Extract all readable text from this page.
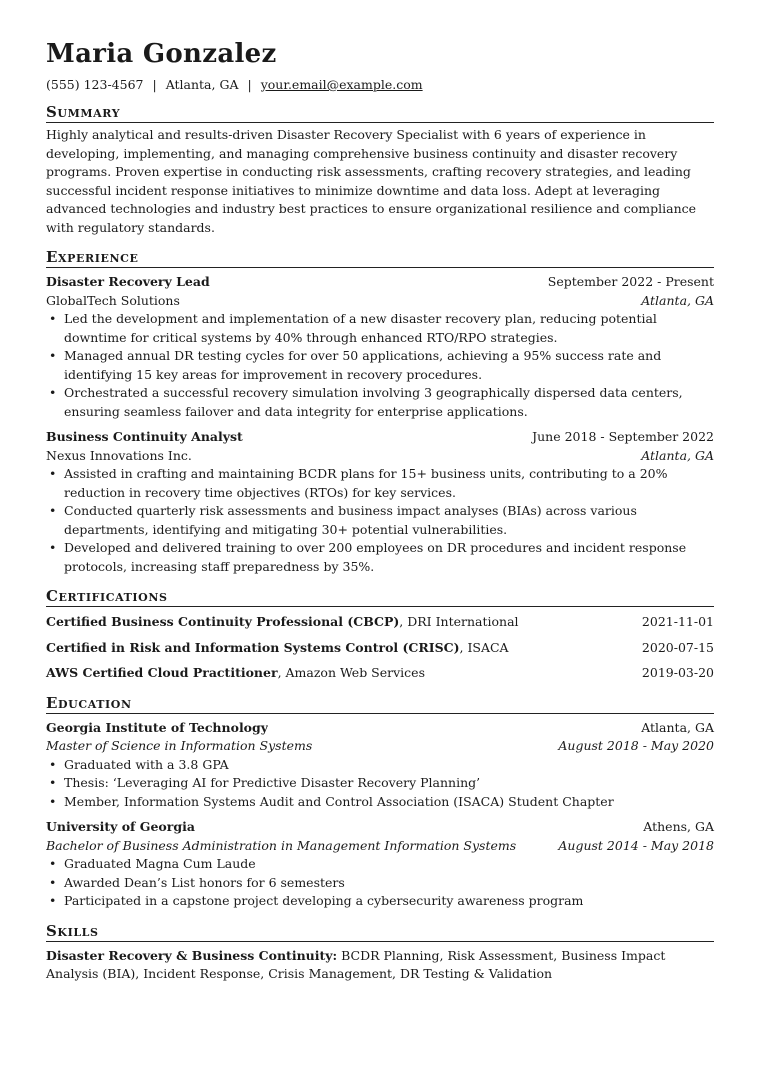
Maria Gonzalez
(555) 123-4567 | Atlanta, GA | your.email@example.com
Summary
Highly analytical and results-driven Disaster Recovery Specialist with 6 years of experience in developing, implementing, and managing comprehensive business continuity and disaster recovery programs. Proven expertise in conducting risk assessments, crafting recovery strategies, and leading successful incident response initiatives to minimize downtime and data loss. Adept at leveraging advanced technologies and industry best practices to ensure organizational resilience and compliance with regulatory standards.
Experience
Disaster Recovery Lead	September 2022 - Present
GlobalTech Solutions	Atlanta, GA
• Led the development and implementation of a new disaster recovery plan, reducing potential downtime for critical systems by 40% through enhanced RTO/RPO strategies.
• Managed annual DR testing cycles for over 50 applications, achieving a 95% success rate and identifying 15 key areas for improvement in recovery procedures.
• Orchestrated a successful recovery simulation involving 3 geographically dispersed data centers, ensuring seamless failover and data integrity for enterprise applications.
Business Continuity Analyst	June 2018 - September 2022
Nexus Innovations Inc.	Atlanta, GA
• Assisted in crafting and maintaining BCDR plans for 15+ business units, contributing to a 20% reduction in recovery time objectives (RTOs) for key services.
• Conducted quarterly risk assessments and business impact analyses (BIAs) across various departments, identifying and mitigating 30+ potential vulnerabilities.
• Developed and delivered training to over 200 employees on DR procedures and incident response protocols, increasing staff preparedness by 35%.
Certifications
Certified Business Continuity Professional (CBCP), DRI International	2021-11-01
Certified in Risk and Information Systems Control (CRISC), ISACA	2020-07-15
AWS Certified Cloud Practitioner, Amazon Web Services	2019-03-20
Education
Georgia Institute of Technology	Atlanta, GA
Master of Science in Information Systems	August 2018 - May 2020
• Graduated with a 3.8 GPA
• Thesis: ‘Leveraging AI for Predictive Disaster Recovery Planning’
• Member, Information Systems Audit and Control Association (ISACA) Student Chapter
University of Georgia	Athens, GA
Bachelor of Business Administration in Management Information Systems	August 2014 - May 2018
• Graduated Magna Cum Laude
• Awarded Dean’s List honors for 6 semesters
• Participated in a capstone project developing a cybersecurity awareness program
Skills
Disaster Recovery & Business Continuity: BCDR Planning, Risk Assessment, Business Impact Analysis (BIA), Incident Response, Crisis Management, DR Testing & Validation
